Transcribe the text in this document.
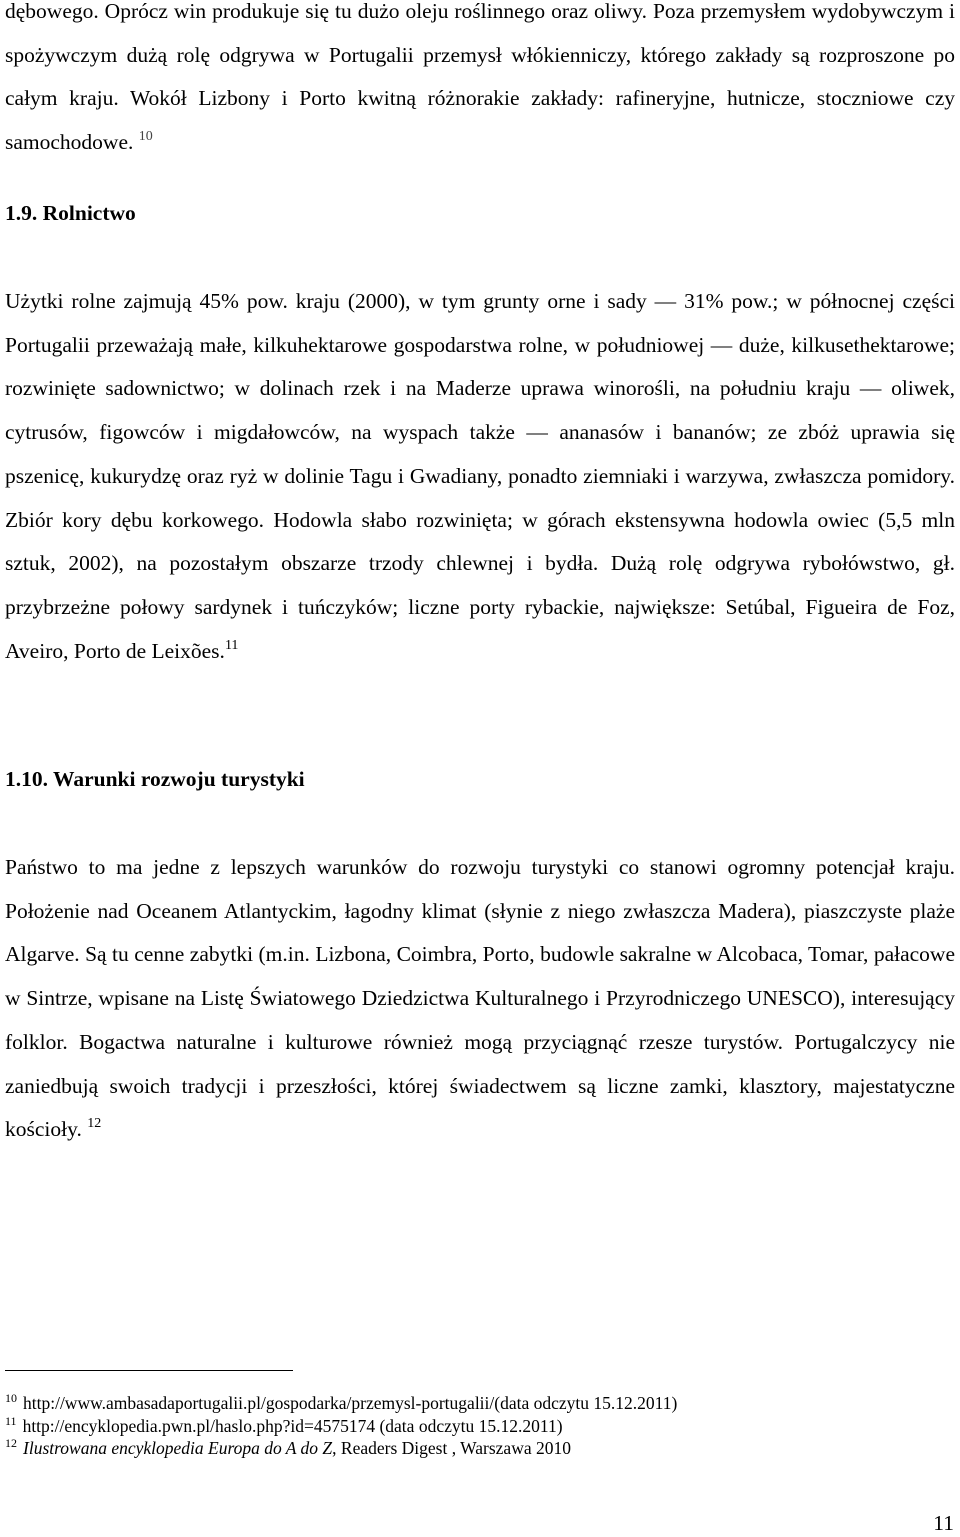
dębowego. Oprócz win produkuje się tu dużo oleju roślinnego oraz oliwy. Poza przemysłem wydobywczym i spożywczym dużą rolę odgrywa w Portugalii przemysł włókienniczy, którego zakłady są rozproszone po całym kraju. Wokół Lizbony i Porto kwitną różnorakie zakłady: rafineryjne, hutnicze, stoczniowe czy samochodowe. $^{10}$

1.9. Rolnictwo

Użytki rolne zajmują 45% pow. kraju (2000), w tym grunty orne i sady — 31% pow.; w północnej części Portugalii przeważają małe, kilkuhektarowe gospodarstwa rolne, w południowej — duże, kilkusethektarowe; rozwinięte sadownictwo; w dolinach rzek i na Maderze uprawa winorośli, na południu kraju — oliwek, cytrusów, figowców i migdałowców, na wyspach także — ananasów i bananów; ze zbóż uprawia się pszenicę, kukurydzę oraz ryż w dolinie Tagu i Gwadiany, ponadto ziemniaki i warzywa, zwłaszcza pomidory. Zbiór kory dębu korkowego. Hodowla słabo rozwinięta; w górach ekstensywna hodowla owiec (5,5 mln sztuk, 2002), na pozostałym obszarze trzody chlewnej i bydła. Dużą rolę odgrywa rybołówstwo, gł. przybrzeżne połowy sardynek i tuńczyków; liczne porty rybackie, największe: Setúbal, Figueira de Foz, Aveiro, Porto de Leixões.$^{11}$

1.10. Warunki rozwoju turystyki

Państwo to ma jedne z lepszych warunków do rozwoju turystyki co stanowi ogromny potencjał kraju. Położenie nad Oceanem Atlantyckim, łagodny klimat (słynie z niego zwłaszcza Madera), piaszczyste plaże Algarve. Są tu cenne zabytki (m.in. Lizbona, Coimbra, Porto, budowle sakralne w Alcobaca, Tomar, pałacowe w Sintrze, wpisane na Listę Światowego Dziedzictwa Kulturalnego i Przyrodniczego UNESCO), interesujący folklor. Bogactwa naturalne i kulturowe również mogą przyciągnąć rzesze turystów. Portugalczycy nie zaniedbują swoich tradycji i przeszłości, której świadectwem są liczne zamki, klasztory, majestatyczne kościoły. $^{12}$

$^{10}$ http://www.ambasadaportugalii.pl/gospodarka/przemysl-portugalii/(data odczytu 15.12.2011)

$^{11}$ http://encyklopedia.pwn.pl/haslo.php?id=4575174 (data odczytu 15.12.2011)

$^{12}$ Ilustrowana encyklopedia Europa do A do Z, Readers Digest , Warszawa 2010

11
